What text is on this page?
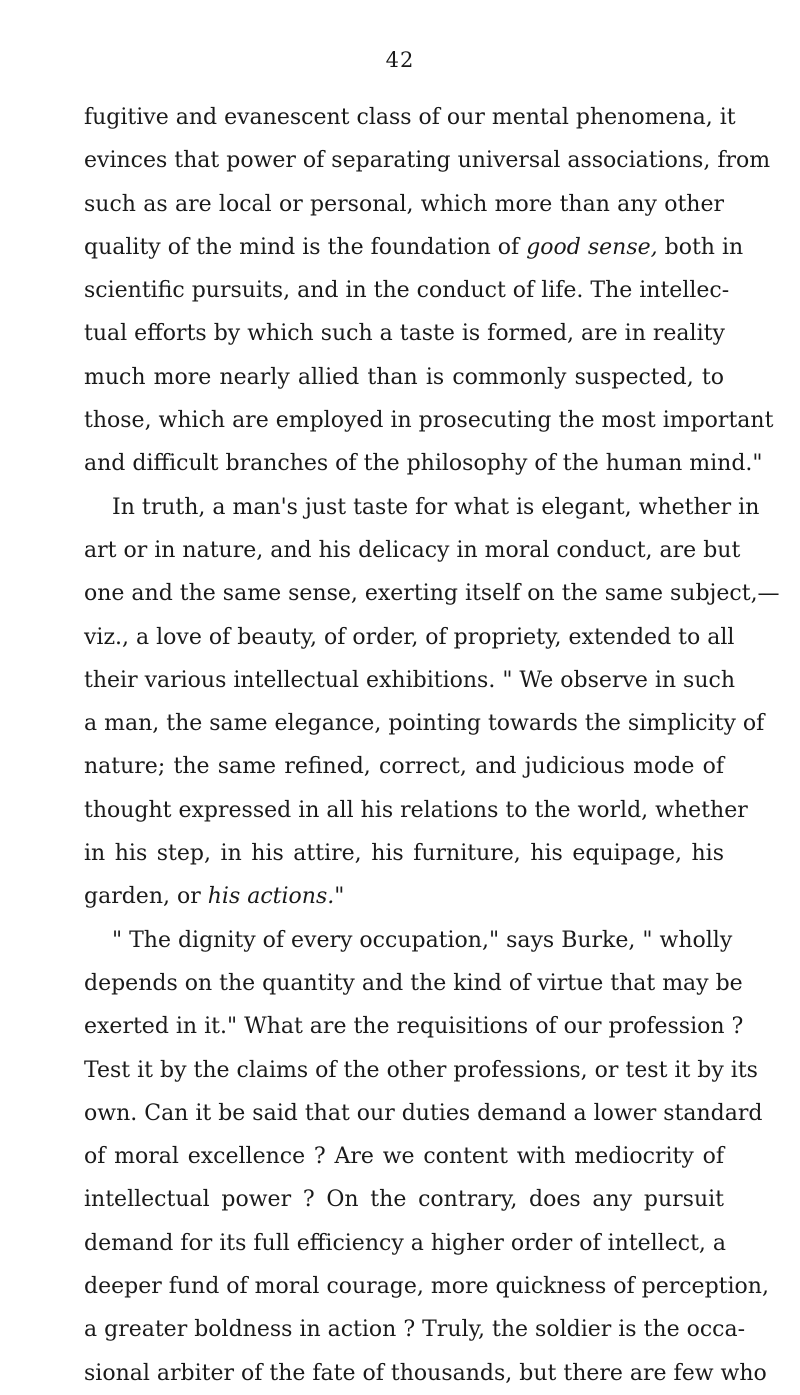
42
fugitive and evanescent class of our mental phenomena, it
evinces that power of separating universal associations, from
such as are local or personal, which more than any other
quality of the mind is the foundation of good sense, both in
scientific pursuits, and in the conduct of life. The intellec-
tual efforts by which such a taste is formed, are in reality
much more nearly allied than is commonly suspected, to
those, which are employed in prosecuting the most important
and difficult branches of the philosophy of the human mind."
In truth, a man's just taste for what is elegant, whether in
art or in nature, and his delicacy in moral conduct, are but
one and the same sense, exerting itself on the same subject,—
viz., a love of beauty, of order, of propriety, extended to all
their various intellectual exhibitions. " We observe in such
a man, the same elegance, pointing towards the simplicity of
nature; the same refined, correct, and judicious mode of
thought expressed in all his relations to the world, whether
in his step, in his attire, his furniture, his equipage, his
garden, or his actions."
" The dignity of every occupation," says Burke, " wholly
depends on the quantity and the kind of virtue that may be
exerted in it." What are the requisitions of our profession ?
Test it by the claims of the other professions, or test it by its
own. Can it be said that our duties demand a lower standard
of moral excellence ? Are we content with mediocrity of
intellectual power ? On the contrary, does any pursuit
demand for its full efficiency a higher order of intellect, a
deeper fund of moral courage, more quickness of perception,
a greater boldness in action ? Truly, the soldier is the occa-
sional arbiter of the fate of thousands, but there are few who
